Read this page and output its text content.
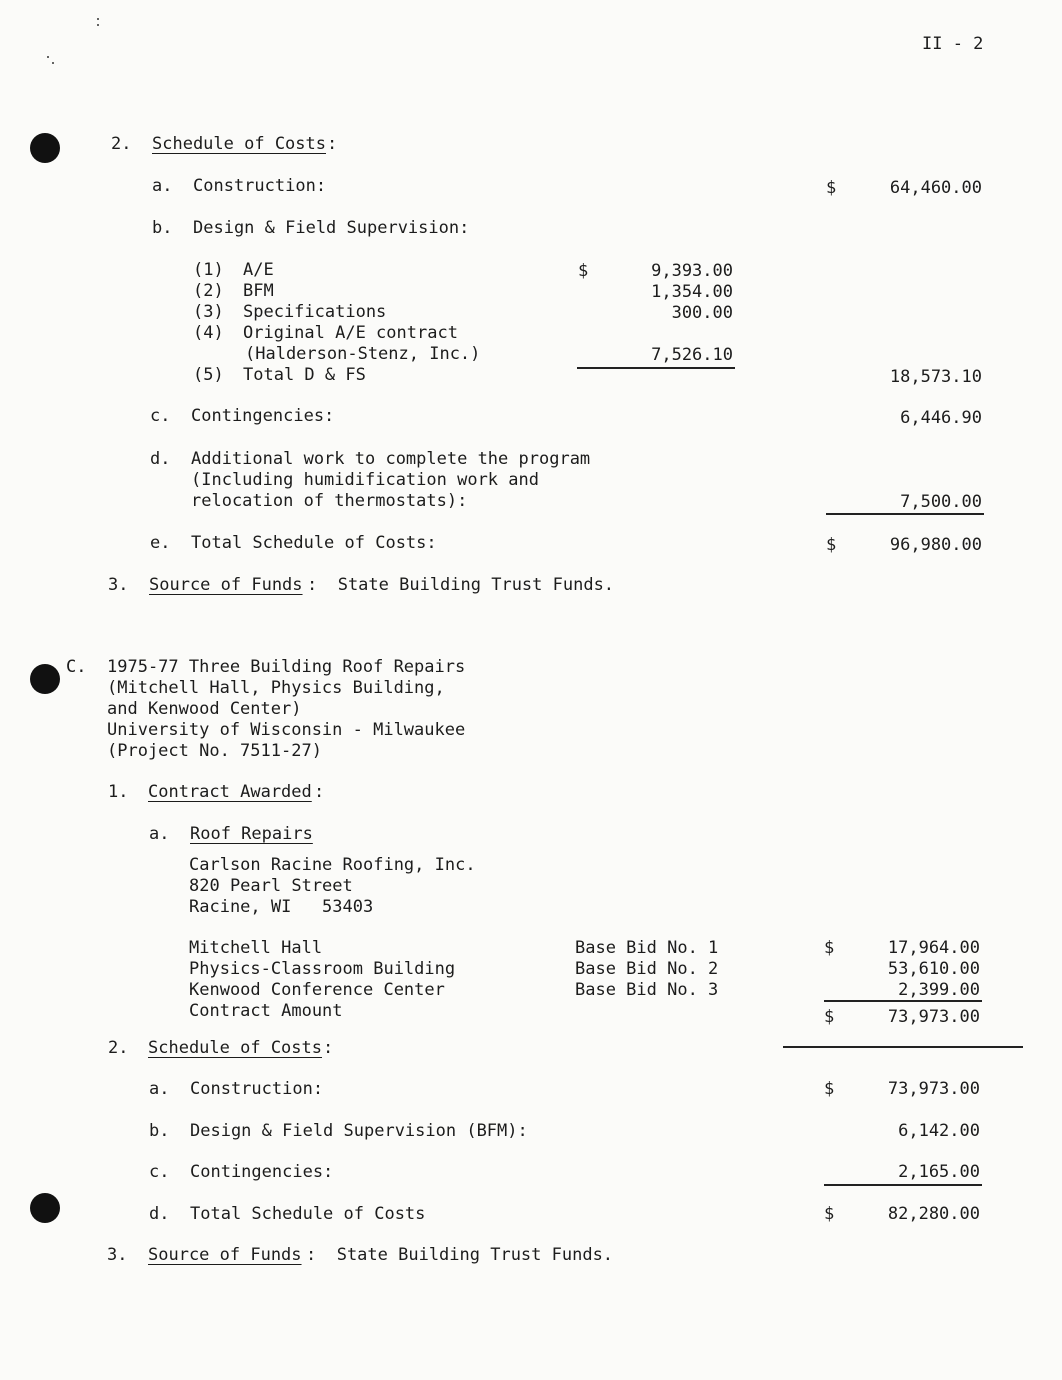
II - 2
2. Schedule of Costs :
a. Construction:	$	64,460.00
b. Design & Field Supervision:
(1) A/E	$	9,393.00
(2) BFM	1,354.00
(3) Specifications	300.00
(4) Original A/E contract
(Halderson-Stenz, Inc.)	7,526.10
(5) Total D & FS	18,573.10
c. Contingencies:	6,446.90
d. Additional work to complete the program
(Including humidification work and
relocation of thermostats):	7,500.00
e. Total Schedule of Costs:	$	96,980.00
3. Source of Funds :  State Building Trust Funds.
C. 1975-77 Three Building Roof Repairs
(Mitchell Hall, Physics Building,
and Kenwood Center)
University of Wisconsin - Milwaukee
(Project No. 7511-27)
1. Contract Awarded :
a. Roof Repairs
Carlson Racine Roofing, Inc.
820 Pearl Street
Racine, WI   53403
Mitchell Hall	Base Bid No. 1	$	17,964.00
Physics-Classroom Building	Base Bid No. 2	53,610.00
Kenwood Conference Center	Base Bid No. 3	2,399.00
Contract Amount	$	73,973.00
2. Schedule of Costs :
a. Construction:	$	73,973.00
b. Design & Field Supervision (BFM):	6,142.00
c. Contingencies:	2,165.00
d. Total Schedule of Costs	$	82,280.00
3. Source of Funds :  State Building Trust Funds.
